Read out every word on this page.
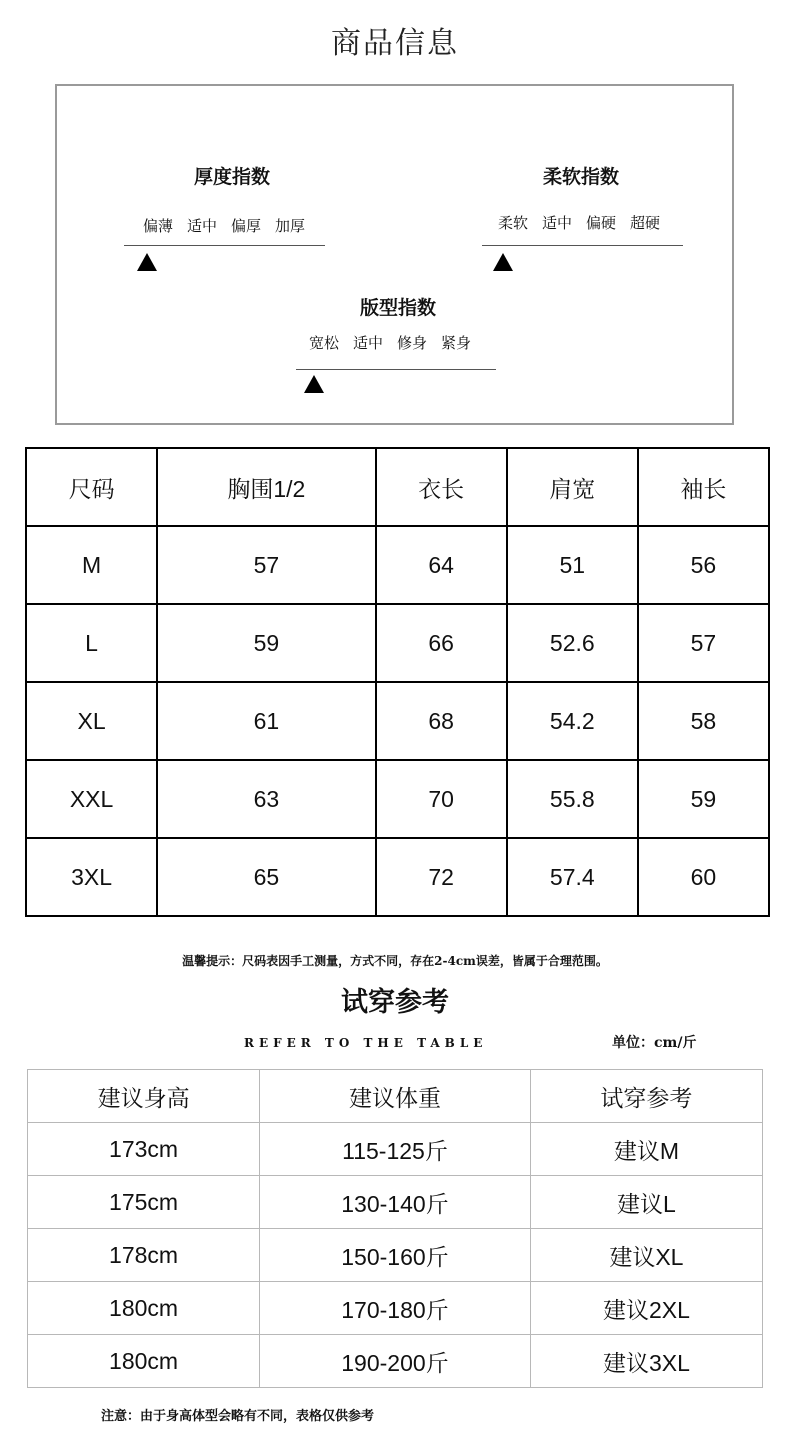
商品信息
厚度指数
偏薄 适中 偏厚 加厚
柔软指数
柔软 适中 偏硬 超硬
版型指数
宽松 适中 修身 紧身
尺码	胸围1/2	衣长	肩宽	袖长
M	57	64	51	56
L	59	66	52.6	57
XL	61	68	54.2	58
XXL	63	70	55.8	59
3XL	65	72	57.4	60
温馨提示：尺码表因手工测量，方式不同，存在2-4cm误差，皆属于合理范围。
试穿参考
REFER TO THE TABLE	单位：cm/斤
建议身高	建议体重	试穿参考
173cm	115-125斤	建议M
175cm	130-140斤	建议L
178cm	150-160斤	建议XL
180cm	170-180斤	建议2XL
180cm	190-200斤	建议3XL
注意：由于身高体型会略有不同，表格仅供参考
